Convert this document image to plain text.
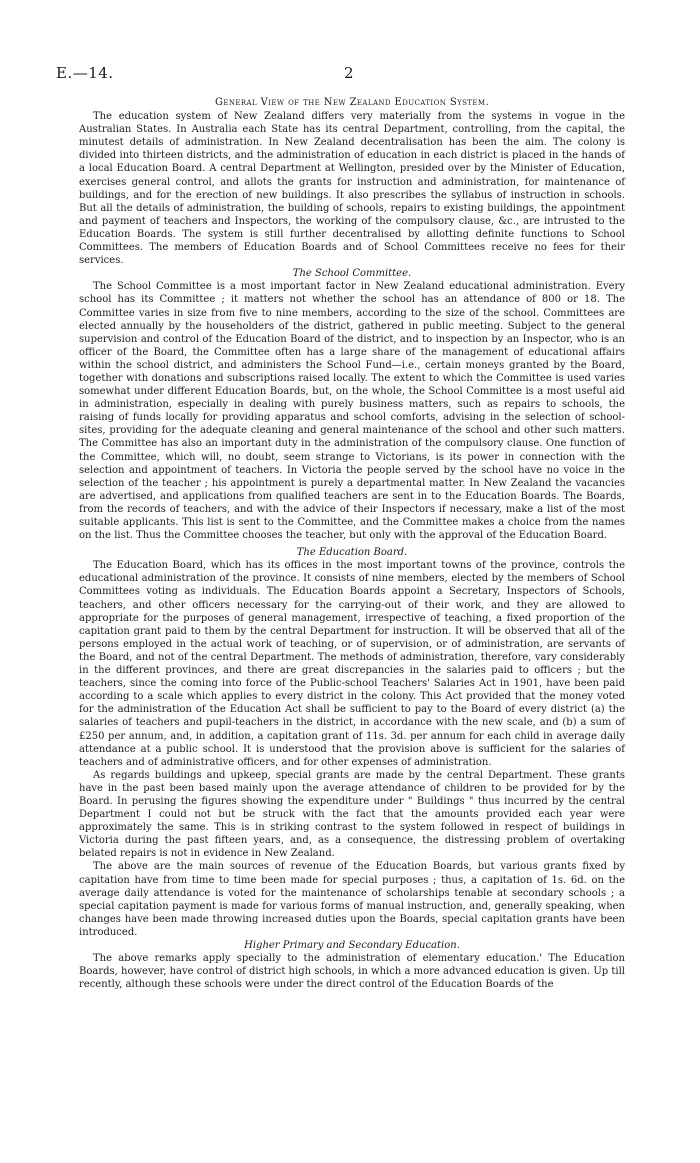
E.—14.	2
General View of the New Zealand Education System.

The education system of New Zealand differs very materially from the systems in vogue in the Australian States. In Australia each State has its central Department, controlling, from the capital, the minutest details of administration. In New Zealand decentralisation has been the aim. The colony is divided into thirteen districts, and the administration of education in each district is placed in the hands of a local Education Board. A central Department at Wellington, presided over by the Minister of Education, exercises general control, and allots the grants for instruction and administration, for maintenance of buildings, and for the erection of new buildings. It also prescribes the syllabus of instruction in schools. But all the details of administration, the building of schools, repairs to existing buildings, the appointment and payment of teachers and Inspectors, the working of the compulsory clause, &c., are intrusted to the Education Boards. The system is still further decentralised by allotting definite functions to School Committees. The members of Education Boards and of School Committees receive no fees for their services.

The School Committee.

The School Committee is a most important factor in New Zealand educational administration. Every school has its Committee ; it matters not whether the school has an attendance of 800 or 18. The Committee varies in size from five to nine members, according to the size of the school. Committees are elected annually by the householders of the district, gathered in public meeting. Subject to the general supervision and control of the Education Board of the district, and to inspection by an Inspector, who is an officer of the Board, the Committee often has a large share of the management of educational affairs within the school district, and administers the School Fund—i.e., certain moneys granted by the Board, together with donations and subscriptions raised locally. The extent to which the Committee is used varies somewhat under different Education Boards, but, on the whole, the School Committee is a most useful aid in administration, especially in dealing with purely business matters, such as repairs to schools, the raising of funds locally for providing apparatus and school comforts, advising in the selection of school-sites, providing for the adequate cleaning and general maintenance of the school and other such matters. The Committee has also an important duty in the administration of the compulsory clause. One function of the Committee, which will, no doubt, seem strange to Victorians, is its power in connection with the selection and appointment of teachers. In Victoria the people served by the school have no voice in the selection of the teacher ; his appointment is purely a departmental matter. In New Zealand the vacancies are advertised, and applications from qualified teachers are sent in to the Education Boards. The Boards, from the records of teachers, and with the advice of their Inspectors if necessary, make a list of the most suitable applicants. This list is sent to the Committee, and the Committee makes a choice from the names on the list. Thus the Committee chooses the teacher, but only with the approval of the Education Board.

The Education Board.

The Education Board, which has its offices in the most important towns of the province, controls the educational administration of the province. It consists of nine members, elected by the members of School Committees voting as individuals. The Education Boards appoint a Secretary, Inspectors of Schools, teachers, and other officers necessary for the carrying-out of their work, and they are allowed to appropriate for the purposes of general management, irrespective of teaching, a fixed proportion of the capitation grant paid to them by the central Department for instruction. It will be observed that all of the persons employed in the actual work of teaching, or of supervision, or of administration, are servants of the Board, and not of the central Department. The methods of administration, therefore, vary considerably in the different provinces, and there are great discrepancies in the salaries paid to officers ; but the teachers, since the coming into force of the Public-school Teachers' Salaries Act in 1901, have been paid according to a scale which applies to every district in the colony. This Act provided that the money voted for the administration of the Education Act shall be sufficient to pay to the Board of every district (a) the salaries of teachers and pupil-teachers in the district, in accordance with the new scale, and (b) a sum of £250 per annum, and, in addition, a capitation grant of 11s. 3d. per annum for each child in average daily attendance at a public school. It is understood that the provision above is sufficient for the salaries of teachers and of administrative officers, and for other expenses of administration.

As regards buildings and upkeep, special grants are made by the central Department. These grants have in the past been based mainly upon the average attendance of children to be provided for by the Board. In perusing the figures showing the expenditure under " Buildings " thus incurred by the central Department I could not but be struck with the fact that the amounts provided each year were approximately the same. This is in striking contrast to the system followed in respect of buildings in Victoria during the past fifteen years, and, as a consequence, the distressing problem of overtaking belated repairs is not in evidence in New Zealand.

The above are the main sources of revenue of the Education Boards, but various grants fixed by capitation have from time to time been made for special purposes ; thus, a capitation of 1s. 6d. on the average daily attendance is voted for the maintenance of scholarships tenable at secondary schools ; a special capitation payment is made for various forms of manual instruction, and, generally speaking, when changes have been made throwing increased duties upon the Boards, special capitation grants have been introduced.

Higher Primary and Secondary Education.

The above remarks apply specially to the administration of elementary education.' The Education Boards, however, have control of district high schools, in which a more advanced education is given. Up till recently, although these schools were under the direct control of the Education Boards of the
